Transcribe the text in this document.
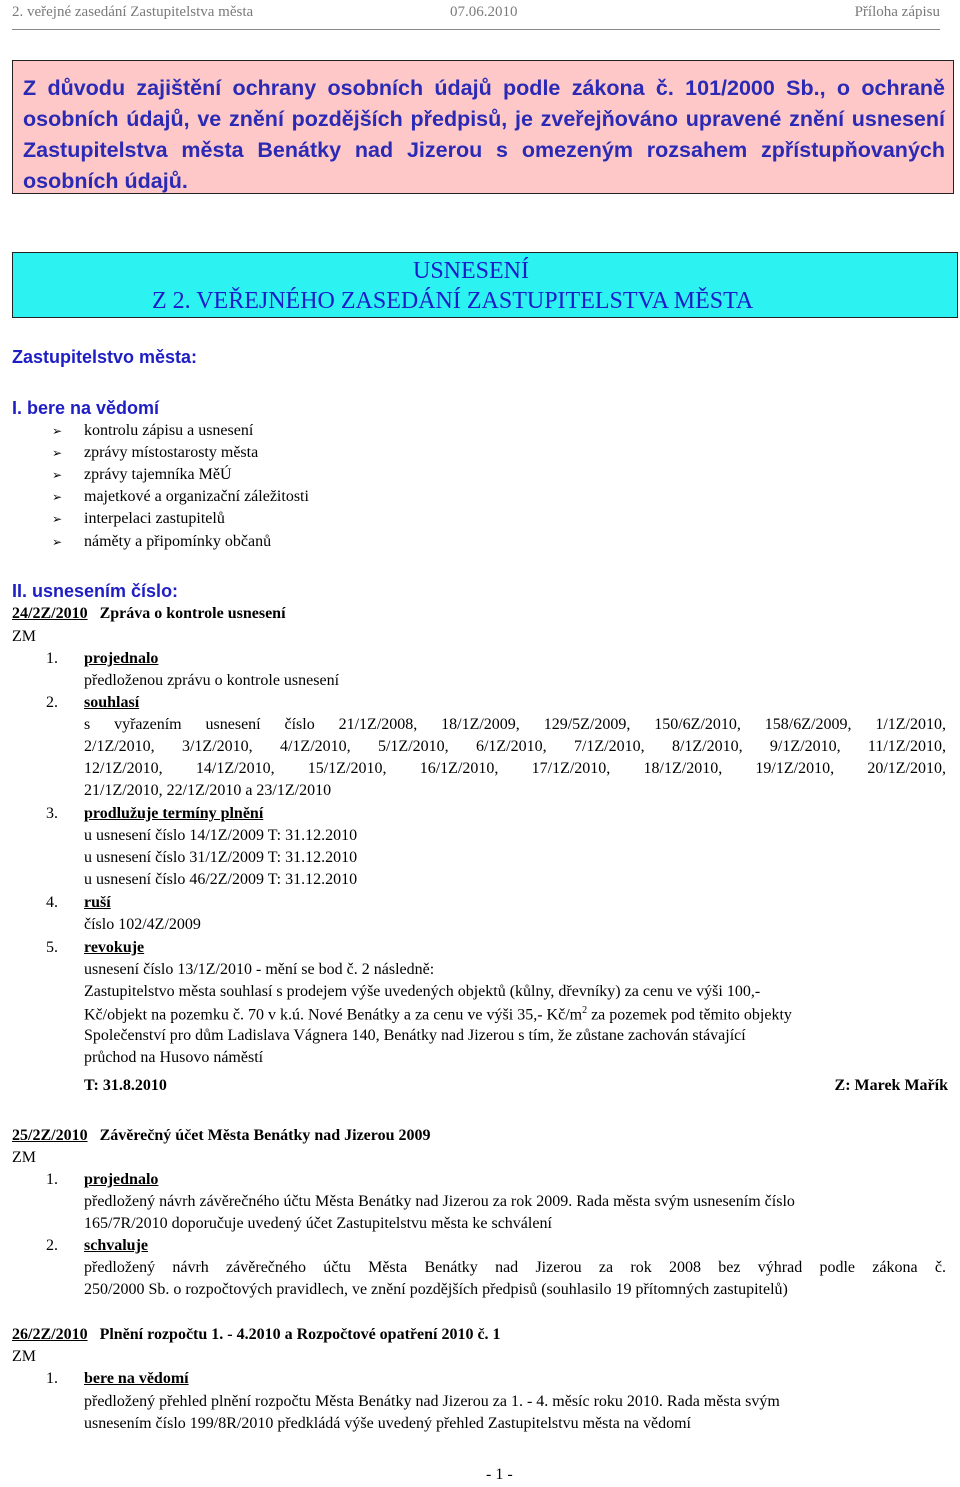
2. veřejné zasedání Zastupitelstva města	07.06.2010	Příloha zápisu
Z důvodu zajištění ochrany osobních údajů podle zákona č. 101/2000 Sb., o ochraně osobních údajů, ve znění pozdějších předpisů, je zveřejňováno upravené znění usnesení Zastupitelstva města Benátky nad Jizerou s omezeným rozsahem zpřístupňovaných osobních údajů.
USNESENÍ
Z 2. VEŘEJNÉHO ZASEDÁNÍ ZASTUPITELSTVA MĚSTA
Zastupitelstvo města:
I. bere na vědomí
➢ kontrolu zápisu a usnesení
➢ zprávy místostarosty města
➢ zprávy tajemníka MěÚ
➢ majetkové a organizační záležitosti
➢ interpelaci zastupitelů
➢ náměty a připomínky občanů
II. usnesením číslo:
24/2Z/2010 Zpráva o kontrole usnesení
ZM
1. projednalo
předloženou zprávu o kontrole usnesení
2. souhlasí
s vyřazením usnesení číslo 21/1Z/2008, 18/1Z/2009, 129/5Z/2009, 150/6Z/2010, 158/6Z/2009, 1/1Z/2010,
2/1Z/2010, 3/1Z/2010, 4/1Z/2010, 5/1Z/2010, 6/1Z/2010, 7/1Z/2010, 8/1Z/2010, 9/1Z/2010, 11/1Z/2010,
12/1Z/2010, 14/1Z/2010, 15/1Z/2010, 16/1Z/2010, 17/1Z/2010, 18/1Z/2010, 19/1Z/2010, 20/1Z/2010,
21/1Z/2010, 22/1Z/2010 a 23/1Z/2010
3. prodlužuje termíny plnění
u usnesení číslo 14/1Z/2009 T: 31.12.2010
u usnesení číslo 31/1Z/2009 T: 31.12.2010
u usnesení číslo 46/2Z/2009 T: 31.12.2010
4. ruší
číslo 102/4Z/2009
5. revokuje
usnesení číslo 13/1Z/2010 - mění se bod č. 2 následně:
Zastupitelstvo města souhlasí s prodejem výše uvedených objektů (kůlny, dřevníky) za cenu ve výši 100,-
Kč/objekt na pozemku č. 70 v k.ú. Nové Benátky a za cenu ve výši 35,- $Kč/m^2$ za pozemek pod těmito objekty
Společenství pro dům Ladislava Vágnera 140, Benátky nad Jizerou s tím, že zůstane zachován stávající
průchod na Husovo náměstí
T: 31.8.2010	Z: Marek Mařík
25/2Z/2010 Závěrečný účet Města Benátky nad Jizerou 2009
ZM
1. projednalo
předložený návrh závěrečného účtu Města Benátky nad Jizerou za rok 2009. Rada města svým usnesením číslo
165/7R/2010 doporučuje uvedený účet Zastupitelstvu města ke schválení
2. schvaluje
předložený návrh závěrečného účtu Města Benátky nad Jizerou za rok 2008 bez výhrad podle zákona č.
250/2000 Sb. o rozpočtových pravidlech, ve znění pozdějších předpisů (souhlasilo 19 přítomných zastupitelů)
26/2Z/2010 Plnění rozpočtu 1. - 4.2010 a Rozpočtové opatření 2010 č. 1
ZM
1. bere na vědomí
předložený přehled plnění rozpočtu Města Benátky nad Jizerou za 1. - 4. měsíc roku 2010. Rada města svým
usnesením číslo 199/8R/2010 předkládá výše uvedený přehled Zastupitelstvu města na vědomí
- 1 -
